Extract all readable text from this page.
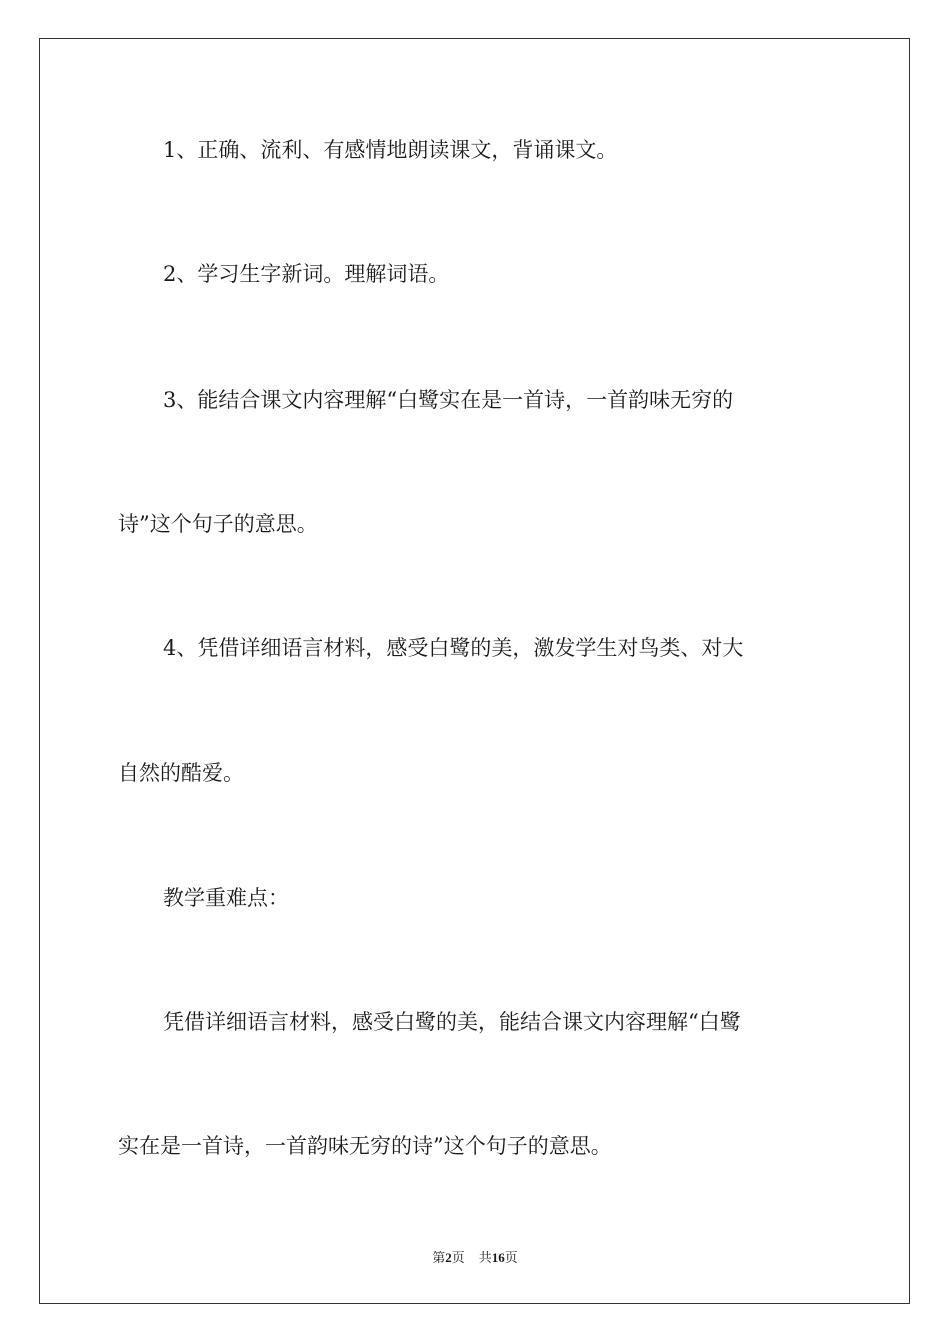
1、正确、流利、有感情地朗读课文，背诵课文。

2、学习生字新词。理解词语。

3、能结合课文内容理解“白鹭实在是一首诗，一首韵味无穷的

诗”这个句子的意思。

4、凭借详细语言材料，感受白鹭的美，激发学生对鸟类、对大

自然的酷爱。

教学重难点：

凭借详细语言材料，感受白鹭的美，能结合课文内容理解“白鹭

实在是一首诗，一首韵味无穷的诗”这个句子的意思。

第2页 共16页
